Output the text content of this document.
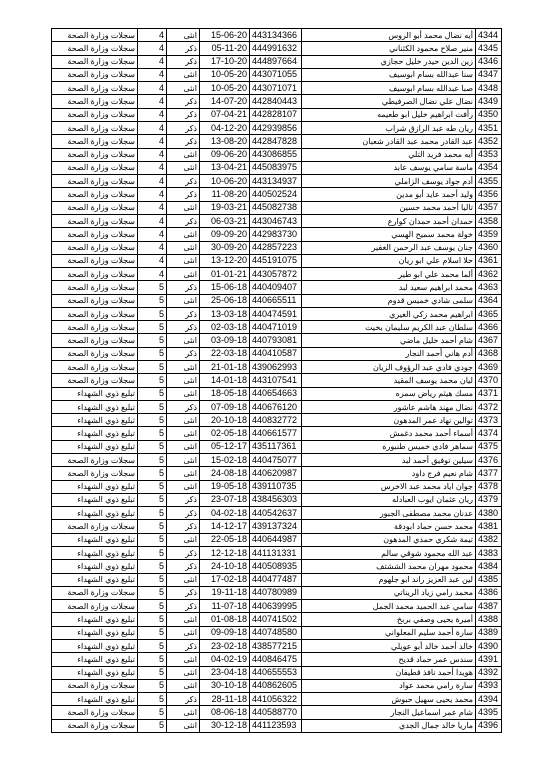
سجلات وزارة الصحة	4	انثى	15-06-20	443134366	أيه نضال محمد أبو الروس	4344
سجلات وزارة الصحة	4	ذكر	05-11-20	444991632	منير صلاح محمود الكثناني	4345
سجلات وزارة الصحة	4	ذكر	17-10-20	444897664	زين الدين حيدر خليل حجازي	4346
سجلات وزارة الصحة	4	انثى	10-05-20	443071055	سنا عبدالله بسام ابوسيف	4347
سجلات وزارة الصحة	4	انثى	10-05-20	443071071	صبا عبدالله بسام ابوسيف	4348
سجلات وزارة الصحة	4	ذكر	14-07-20	442840443	نضال علي نضال الصرفيطي	4349
سجلات وزارة الصحة	4	ذكر	07-04-21	442828107	رأفت ابراهيم خليل ابو طعيمه	4350
سجلات وزارة الصحة	4	ذكر	04-12-20	442939856	ريان طه عبد الرازق شراب	4351
سجلات وزارة الصحة	4	ذكر	13-08-20	442847828	عبد القادر محمد عبد القادر شعبان	4352
سجلات وزارة الصحة	4	انثى	09-06-20	443086855	أيه محمد فريد التلي	4353
سجلات وزارة الصحة	4	انثى	13-04-21	445083975	ماسة سامي يوسف عابد	4354
سجلات وزارة الصحة	4	ذكر	10-06-20	443134937	أدم جواد يوسف الزاملي	4355
سجلات وزارة الصحة	4	ذكر	11-08-20	440502524	وليد أحمد عايد أبو مدين	4356
سجلات وزارة الصحة	4	انثى	19-03-21	445082738	تاليا أحمد محمد حسين	4357
سجلات وزارة الصحة	4	ذكر	06-03-21	443046743	حمدان أحمد حمدان كوارع	4358
سجلات وزارة الصحة	4	انثى	09-09-20	442983730	خولة محمد سميح الهسي	4359
سجلات وزارة الصحة	4	انثى	30-09-20	442857223	جنان يوسف عبد الرحمن الغفير	4360
سجلات وزارة الصحة	4	انثى	13-12-20	445191075	حلا اسلام علي ابو ريان	4361
سجلات وزارة الصحة	4	انثى	01-01-21	443057872	ألما محمد علي ابو طير	4362
سجلات وزارة الصحة	5	ذكر	15-06-18	440409407	محمد ابراهيم سعيد لبد	4363
سجلات وزارة الصحة	5	انثى	25-06-18	440665511	سلمى شادي خميس قدوم	4364
سجلات وزارة الصحة	5	ذكر	13-03-18	440474591	ابراهيم محمد زكي الغيري	4365
سجلات وزارة الصحة	5	ذكر	02-03-18	440471019	سلطان عبد الكريم سليمان بخيت	4366
سجلات وزارة الصحة	5	انثى	03-09-18	440793081	شام أحمد خليل ماضي	4367
سجلات وزارة الصحة	5	ذكر	22-03-18	440410587	أدم هاني أحمد النجار	4368
سجلات وزارة الصحة	5	انثى	21-01-18	439062993	جودي فادي عبد الرؤوف الزيان	4369
سجلات وزارة الصحة	5	انثى	14-01-18	443107541	ليان محمد يوسف المقيد	4370
تبليغ ذوي الشهداء	5	انثى	18-05-18	440654663	مسك هيثم رياض سمره	4371
تبليغ ذوي الشهداء	5	ذكر	07-09-18	440676120	نضال مهند هاشم عاشور	4372
تبليغ ذوي الشهداء	5	انثى	20-10-18	440832772	توالين نهاد عمر المدهون	4373
تبليغ ذوي الشهداء	5	انثى	02-05-18	440661577	أسماء أحمد محمد دغمش	4374
تبليغ ذوي الشهداء	5	انثى	05-12-17	435117361	سماهر فادي خميس طنبوره	4375
سجلات وزارة الصحة	5	انثى	15-02-18	440475077	سيلين توفيق أحمد لبد	4376
سجلات وزارة الصحة	5	انثى	24-08-18	440620987	شام نعيم فرج داود	4377
تبليغ ذوي الشهداء	5	انثى	19-05-18	439110735	جوان اياد محمد عبد الاخرس	4378
تبليغ ذوي الشهداء	5	ذكر	23-07-18	438456303	ريان عثمان ايوب العبادله	4379
تبليغ ذوي الشهداء	5	ذكر	04-02-18	440542637	عدنان محمد مصطفى الجبور	4380
سجلات وزارة الصحة	5	ذكر	14-12-17	439137324	محمد حسن حماد ابودقة	4381
تبليغ ذوي الشهداء	5	انثى	22-05-18	440644987	تيمة شكري حمدي المدهون	4382
تبليغ ذوي الشهداء	5	ذكر	12-12-18	441131331	عبد الله محمود شوقي سالم	4383
تبليغ ذوي الشهداء	5	ذكر	24-10-18	440508935	محمود مهران محمد الششتف	4384
تبليغ ذوي الشهداء	5	انثى	17-02-18	440477487	لين عبد العزيز راند ابو جلهوم	4385
سجلات وزارة الصحة	5	ذكر	19-11-18	440780989	محمد رامي زياد الريناتي	4386
سجلات وزارة الصحة	5	ذكر	11-07-18	440639995	سامي عبد الحميد محمد الجمل	4387
تبليغ ذوي الشهداء	5	انثى	01-08-18	440741502	أميرة يحيى وصفي بربخ	4388
تبليغ ذوي الشهداء	5	انثى	09-09-18	440748580	سارة أحمد سليم المعلواني	4389
تبليغ ذوي الشهداء	5	ذكر	23-02-18	438577215	خالد أحمد خالد أبو عويلي	4390
تبليغ ذوي الشهداء	5	انثى	04-02-19	440846475	سندس عمر حماد قديح	4391
تبليغ ذوي الشهداء	5	انثى	23-04-18	440655553	هويدا أحمد نافذ قطيفان	4392
سجلات وزارة الصحة	5	انثى	30-10-18	440862605	سارة رامي محمد عواد	4393
تبليغ ذوي الشهداء	5	ذكر	28-11-18	441056322	محمد يحيى سهيل حبوش	4394
سجلات وزارة الصحة	5	انثى	08-06-18	440588770	شام عمر اسماعيل النجار	4395
سجلات وزارة الصحة	5	انثى	30-12-18	441123593	ماريا خالد جمال الجدي	4396
